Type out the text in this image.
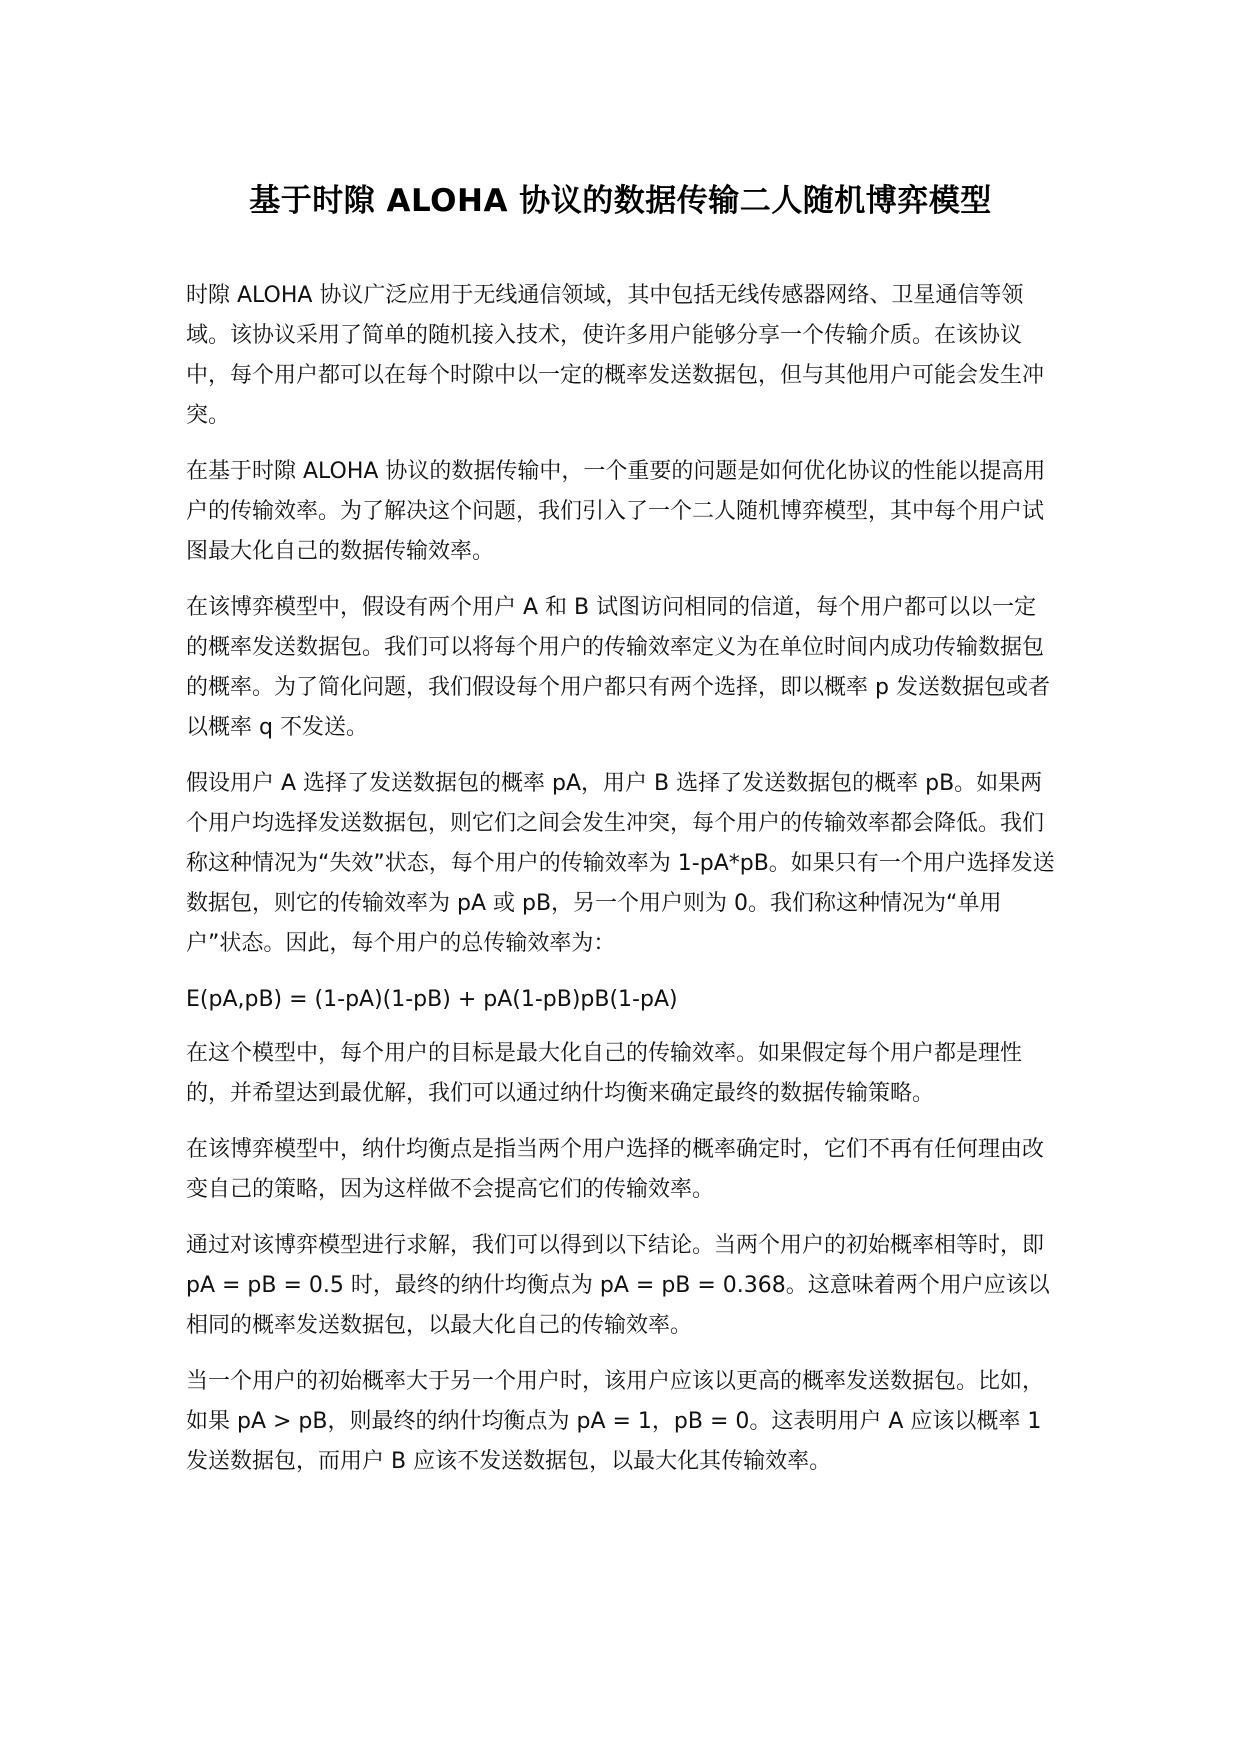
基于时隙 ALOHA 协议的数据传输二人随机博弈模型

时隙 ALOHA 协议广泛应用于无线通信领域，其中包括无线传感器网络、卫星通信等领域。该协议采用了简单的随机接入技术，使许多用户能够分享一个传输介质。在该协议中，每个用户都可以在每个时隙中以一定的概率发送数据包，但与其他用户可能会发生冲突。

在基于时隙 ALOHA 协议的数据传输中，一个重要的问题是如何优化协议的性能以提高用户的传输效率。为了解决这个问题，我们引入了一个二人随机博弈模型，其中每个用户试图最大化自己的数据传输效率。

在该博弈模型中，假设有两个用户 A 和 B 试图访问相同的信道，每个用户都可以以一定的概率发送数据包。我们可以将每个用户的传输效率定义为在单位时间内成功传输数据包的概率。为了简化问题，我们假设每个用户都只有两个选择，即以概率 p 发送数据包或者以概率 q 不发送。

假设用户 A 选择了发送数据包的概率 pA，用户 B 选择了发送数据包的概率 pB。如果两个用户均选择发送数据包，则它们之间会发生冲突，每个用户的传输效率都会降低。我们称这种情况为“失效”状态，每个用户的传输效率为 1-pA*pB。如果只有一个用户选择发送数据包，则它的传输效率为 pA 或 pB，另一个用户则为 0。我们称这种情况为“单用户”状态。因此，每个用户的总传输效率为：

E(pA,pB) = (1-pA)(1-pB) + pA(1-pB)pB(1-pA)

在这个模型中，每个用户的目标是最大化自己的传输效率。如果假定每个用户都是理性的，并希望达到最优解，我们可以通过纳什均衡来确定最终的数据传输策略。

在该博弈模型中，纳什均衡点是指当两个用户选择的概率确定时，它们不再有任何理由改变自己的策略，因为这样做不会提高它们的传输效率。

通过对该博弈模型进行求解，我们可以得到以下结论。当两个用户的初始概率相等时，即 pA = pB = 0.5 时，最终的纳什均衡点为 pA = pB = 0.368。这意味着两个用户应该以相同的概率发送数据包，以最大化自己的传输效率。

当一个用户的初始概率大于另一个用户时，该用户应该以更高的概率发送数据包。比如，如果 pA > pB，则最终的纳什均衡点为 pA = 1，pB = 0。这表明用户 A 应该以概率 1 发送数据包，而用户 B 应该不发送数据包，以最大化其传输效率。
